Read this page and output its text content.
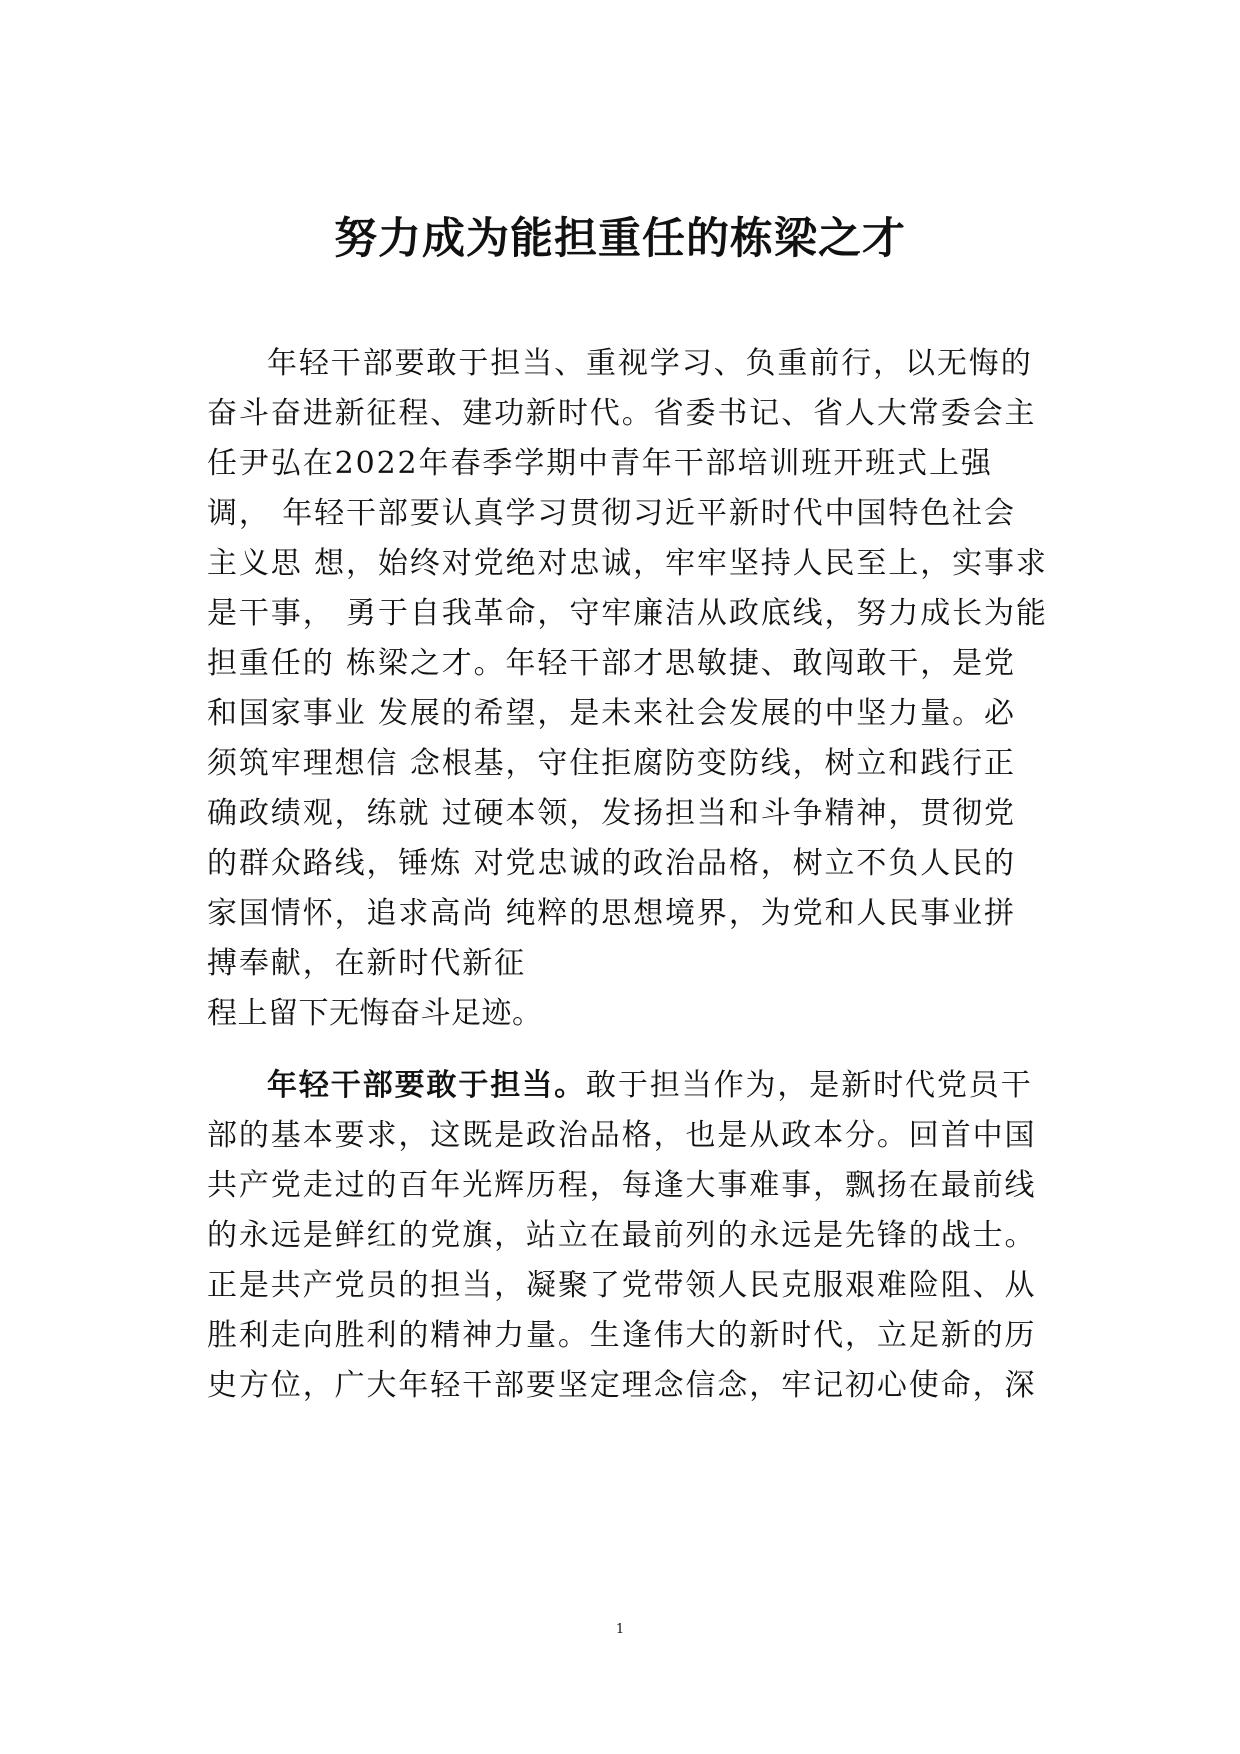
努力成为能担重任的栋梁之才

年轻干部要敢于担当、重视学习、负重前行，以无悔的

奋斗奋进新征程、建功新时代。省委书记、省人大常委会主

任尹弘在2022年春季学期中青年干部培训班开班式上强

调， 年轻干部要认真学习贯彻习近平新时代中国特色社会

主义思 想，始终对党绝对忠诚，牢牢坚持人民至上，实事求

是干事， 勇于自我革命，守牢廉洁从政底线，努力成长为能

担重任的 栋梁之才。年轻干部才思敏捷、敢闯敢干，是党

和国家事业 发展的希望，是未来社会发展的中坚力量。必

须筑牢理想信 念根基，守住拒腐防变防线，树立和践行正

确政绩观，练就 过硬本领，发扬担当和斗争精神，贯彻党

的群众路线，锤炼 对党忠诚的政治品格，树立不负人民的

家国情怀，追求高尚 纯粹的思想境界，为党和人民事业拼

搏奉献，在新时代新征

程上留下无悔奋斗足迹。

年轻干部要敢于担当。敢于担当作为，是新时代党员干

部的基本要求，这既是政治品格，也是从政本分。回首中国

共产党走过的百年光辉历程，每逢大事难事，飘扬在最前线

的永远是鲜红的党旗，站立在最前列的永远是先锋的战士。

正是共产党员的担当，凝聚了党带领人民克服艰难险阻、从

胜利走向胜利的精神力量。生逢伟大的新时代，立足新的历

史方位，广大年轻干部要坚定理念信念，牢记初心使命，深

1
